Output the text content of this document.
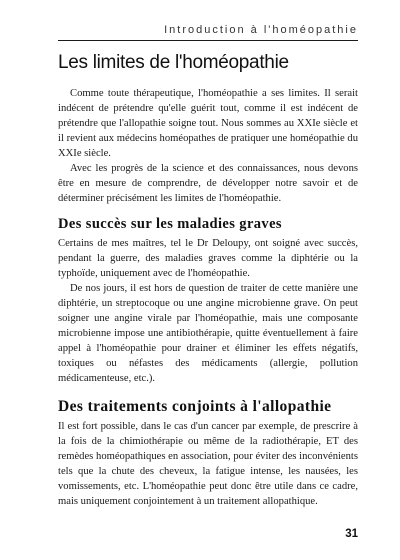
Introduction à l'homéopathie
Les limites de l'homéopathie

Comme toute thérapeutique, l'homéopathie a ses limites. Il serait indécent de prétendre qu'elle guérit tout, comme il est indécent de prétendre que l'allopathie soigne tout. Nous sommes au XXIe siècle et il revient aux médecins homéopathes de pratiquer une homéopathie du XXIe siècle.

Avec les progrès de la science et des connaissances, nous devons être en mesure de comprendre, de développer notre savoir et de déterminer précisément les limites de l'homéopathie.

Des succès sur les maladies graves

Certains de mes maîtres, tel le Dr Deloupy, ont soigné avec succès, pendant la guerre, des maladies graves comme la diphtérie ou la typhoïde, uniquement avec de l'homéopathie.

De nos jours, il est hors de question de traiter de cette manière une diphtérie, un streptocoque ou une angine microbienne grave. On peut soigner une angine virale par l'homéopathie, mais une composante microbienne impose une antibiothérapie, quitte éventuellement à faire appel à l'homéopathie pour drainer et éliminer les effets négatifs, toxiques ou néfastes des médicaments (allergie, pollution médicamenteuse, etc.).

Des traitements conjoints à l'allopathie

Il est fort possible, dans le cas d'un cancer par exemple, de prescrire à la fois de la chimiothérapie ou même de la radiothérapie, ET des remèdes homéopathiques en association, pour éviter des inconvénients tels que la chute des cheveux, la fatigue intense, les nausées, les vomissements, etc. L'homéopathie peut donc être utile dans ce cadre, mais uniquement conjointement à un traitement allopathique.

31
